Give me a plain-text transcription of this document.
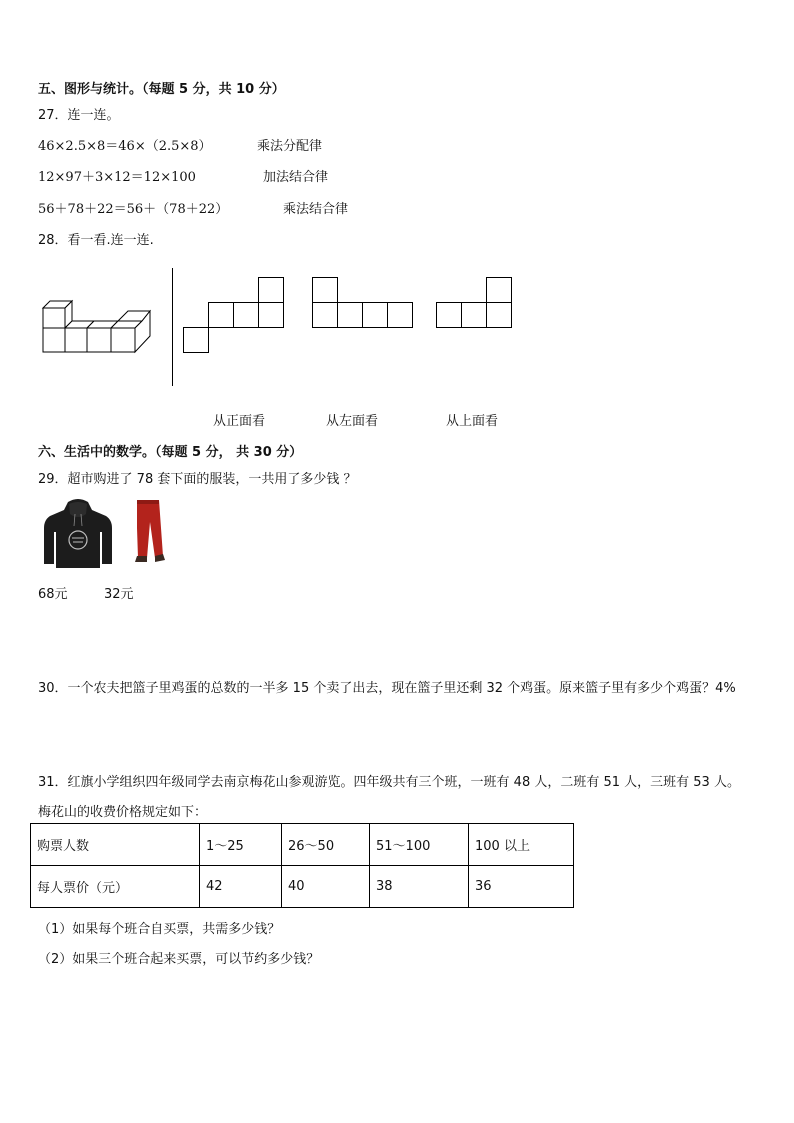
五、图形与统计。（每题 5 分，共 10 分）
27．连一连。
46×2.5×8＝46×（2.5×8）
12×97＋3×12＝12×100
56＋78＋22＝56＋（78＋22）
乘法分配律
加法结合律
乘法结合律
28．看一看.连一连.
从正面看	从左面看	从上面看
六、生活中的数学。（每题 5 分， 共 30 分）
29．超市购进了 78 套下面的服装，一共用了多少钱 ？
68元	32元
30．一个农夫把篮子里鸡蛋的总数的一半多 15 个卖了出去，现在篮子里还剩 32 个鸡蛋。原来篮子里有多少个鸡蛋？4%
31．红旗小学组织四年级同学去南京梅花山参观游览。四年级共有三个班，一班有 48 人，二班有 51 人，三班有 53 人。
梅花山的收费价格规定如下：
购票人数	1～25	26～50	51～100	100 以上
每人票价（元）	42	40	38	36
（1）如果每个班合自买票，共需多少钱？
（2）如果三个班合起来买票，可以节约多少钱？
